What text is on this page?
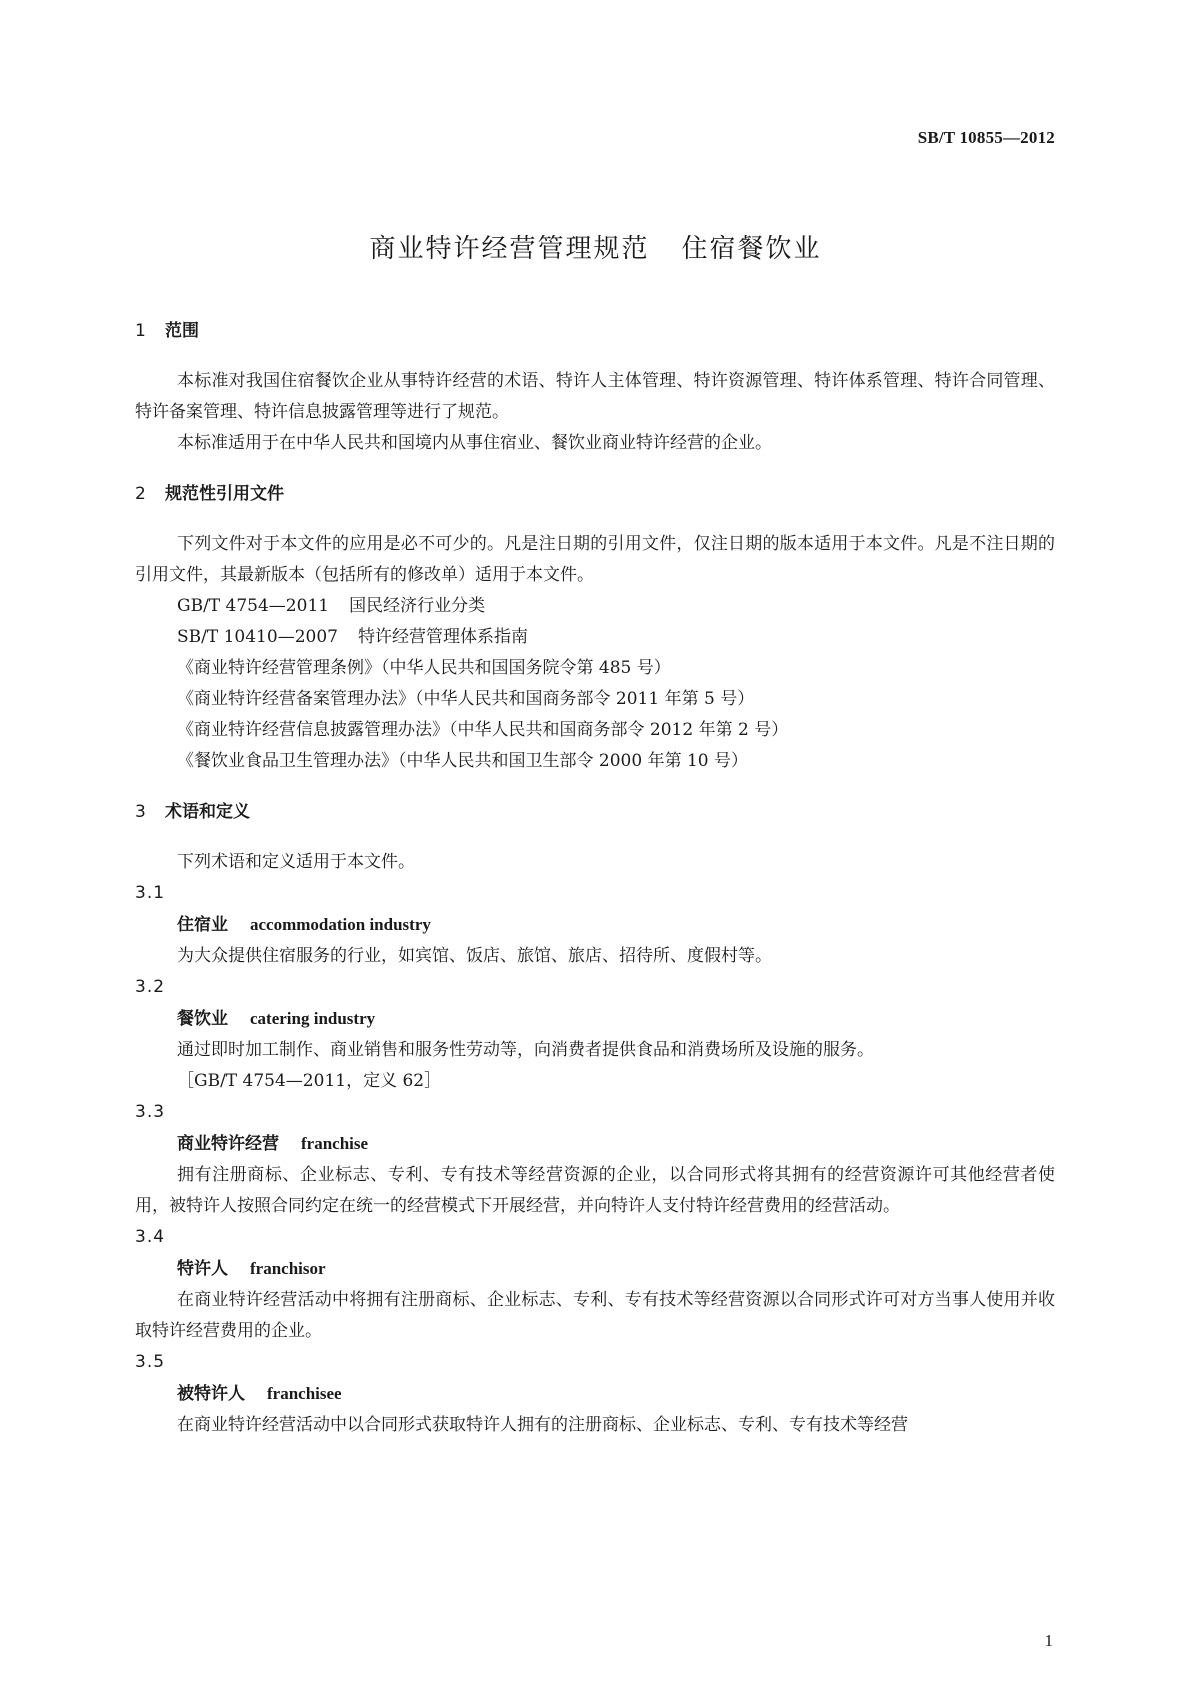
SB/T 10855—2012
商业特许经营管理规范 住宿餐饮业
1 范围
本标准对我国住宿餐饮企业从事特许经营的术语、特许人主体管理、特许资源管理、特许体系管理、特许合同管理、特许备案管理、特许信息披露管理等进行了规范。
本标准适用于在中华人民共和国境内从事住宿业、餐饮业商业特许经营的企业。
2 规范性引用文件
下列文件对于本文件的应用是必不可少的。凡是注日期的引用文件，仅注日期的版本适用于本文件。凡是不注日期的引用文件，其最新版本（包括所有的修改单）适用于本文件。
GB/T 4754—2011 国民经济行业分类
SB/T 10410—2007 特许经营管理体系指南
《商业特许经营管理条例》（中华人民共和国国务院令第 485 号）
《商业特许经营备案管理办法》（中华人民共和国商务部令 2011 年第 5 号）
《商业特许经营信息披露管理办法》（中华人民共和国商务部令 2012 年第 2 号）
《餐饮业食品卫生管理办法》（中华人民共和国卫生部令 2000 年第 10 号）
3 术语和定义
下列术语和定义适用于本文件。
3.1
住宿业 accommodation industry
为大众提供住宿服务的行业，如宾馆、饭店、旅馆、旅店、招待所、度假村等。
3.2
餐饮业 catering industry
通过即时加工制作、商业销售和服务性劳动等，向消费者提供食品和消费场所及设施的服务。
［GB/T 4754—2011，定义 62］
3.3
商业特许经营 franchise
拥有注册商标、企业标志、专利、专有技术等经营资源的企业，以合同形式将其拥有的经营资源许可其他经营者使用，被特许人按照合同约定在统一的经营模式下开展经营，并向特许人支付特许经营费用的经营活动。
3.4
特许人 franchisor
在商业特许经营活动中将拥有注册商标、企业标志、专利、专有技术等经营资源以合同形式许可对方当事人使用并收取特许经营费用的企业。
3.5
被特许人 franchisee
在商业特许经营活动中以合同形式获取特许人拥有的注册商标、企业标志、专利、专有技术等经营
1
